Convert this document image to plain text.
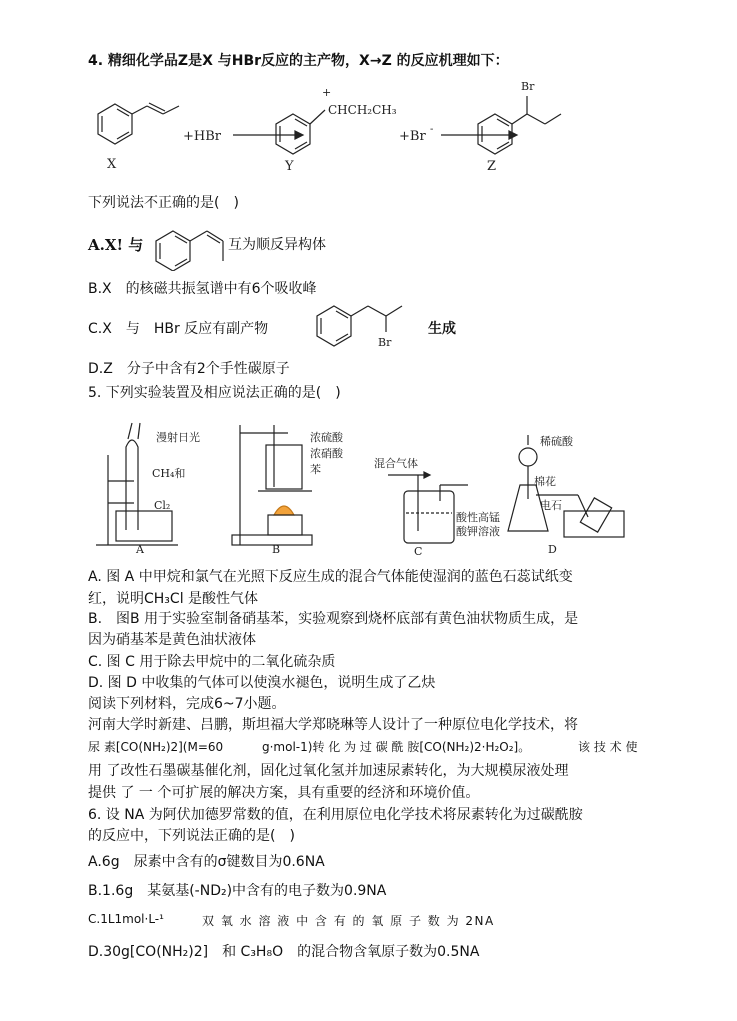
4. 精细化学品Z是X 与HBr反应的主产物，X→Z 的反应机理如下：
X
+HBr
+
CHCH₂CH₃
Y
+Br -
Br
Z
下列说法不正确的是(　)
A.X! 与	互为顺反异构体
B.X　的核磁共振氢谱中有6个吸收峰
C.X　与　HBr 反应有副产物
Br
生成
D.Z　分子中含有2个手性碳原子
5. 下列实验装置及相应说法正确的是(　)
漫射日光
CH₄和
Cl₂
A
浓硫酸
浓硝酸
苯
B
混合气体
酸性高锰
酸钾溶液
C
稀硫酸
棉花
电石
D
A. 图 A 中甲烷和氯气在光照下反应生成的混合气体能使湿润的蓝色石蕊试纸变
红，说明CH₃Cl 是酸性气体
B.　图B 用于实验室制备硝基苯，实验观察到烧杯底部有黄色油状物质生成，是
因为硝基苯是黄色油状液体
C. 图 C 用于除去甲烷中的二氧化硫杂质
D. 图 D 中收集的气体可以使溴水褪色，说明生成了乙炔
阅读下列材料，完成6~7小题。
河南大学时新建、吕鹏，斯坦福大学郑晓琳等人设计了一种原位电化学技术，将
尿 素[CO(NH₂)2](M=60	g·mol-1)转 化 为 过 碳 酰 胺[CO(NH₂)2·H₂O₂]。	该 技 术 使
用 了改性石墨碳基催化剂，固化过氧化氢并加速尿素转化，为大规模尿液处理
提供 了 一 个可扩展的解决方案，具有重要的经济和环境价值。
6. 设 NA 为阿伏加德罗常数的值，在利用原位电化学技术将尿素转化为过碳酰胺
的反应中，下列说法正确的是(　)
A.6g　尿素中含有的σ键数目为0.6NA
B.1.6g　某氨基(-ND₂)中含有的电子数为0.9NA
C.1L1mol·L-¹	双 氧 水 溶 液 中 含 有 的 氧 原 子 数 为 2NA
D.30g[CO(NH₂)2]　和 C₃H₈O　的混合物含氧原子数为0.5NA
